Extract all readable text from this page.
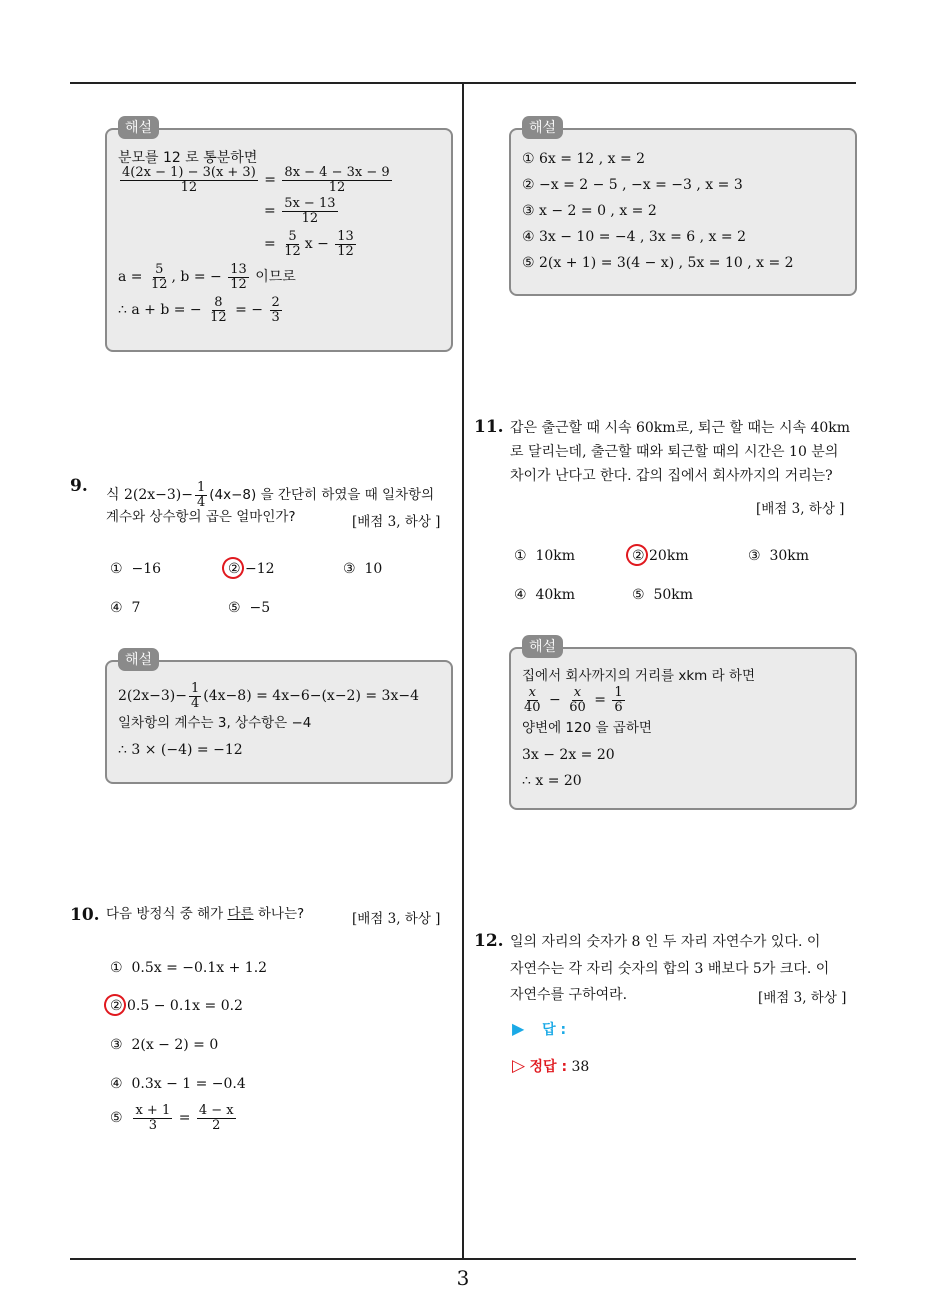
3
해설
분모를 12 로 통분하면
$\frac{4(2x - 1) - 3(x + 3)}{12} = \frac{8x - 4 - 3x - 9}{12}$
= $\frac{5x - 13}{12}$
= $\frac{5}{12}$ $x - \frac{13}{12}$
$a = \frac{5}{12}$ , b = − $\frac{13}{12}$ 이므로
∴ a + b = − $\frac{8}{12}$ = − $\frac{2}{3}$
9. 식 $2(2x-3)- \frac{1}{4} (4x-8)$ 을 간단히 하였을 때 일차항의
계수와 상수항의 곱은 얼마인가?	[배점 3, 하상 ]
① −16	② −12	③ 10
④ 7	⑤ −5
해설
$2(2x-3)- \frac{1}{4} (4x-8) = 4x-6-(x-2) = 3x-4$
일차항의 계수는 3, 상수항은 −4
∴ 3 × (−4) = −12
10. 다음 방정식 중 해가 다른 하나는?	[배점 3, 하상 ]
① 0.5x = −0.1x + 1.2
② 0.5 − 0.1x = 0.2
③ 2(x − 2) = 0
④ 0.3x − 1 = −0.4
⑤ $\frac{x + 1}{3} = \frac{4 - x}{2}$
해설
① 6x = 12 , x = 2
② −x = 2 − 5 , −x = −3 , x = 3
③ x − 2 = 0 , x = 2
④ 3x − 10 = −4 , 3x = 6 , x = 2
⑤ 2(x + 1) = 3(4 − x) , 5x = 10 , x = 2
11. 갑은 출근할 때 시속 60km로, 퇴근 할 때는 시속 40km
로 달리는데, 출근할 때와 퇴근할 때의 시간은 10 분의
차이가 난다고 한다. 갑의 집에서 회사까지의 거리는?
[배점 3, 하상 ]
① 10km	② 20km	③ 30km
④ 40km	⑤ 50km
해설
집에서 회사까지의 거리를 xkm 라 하면
$\frac{x}{40} - \frac{x}{60} = \frac{1}{6}$
양변에 120 을 곱하면
3x − 2x = 20
∴ x = 20
12. 일의 자리의 숫자가 8 인 두 자리 자연수가 있다. 이
자연수는 각 자리 숫자의 합의 3 배보다 5가 크다. 이
자연수를 구하여라.	[배점 3, 하상 ]
▶ 답 :
▷ 정답 : 38
